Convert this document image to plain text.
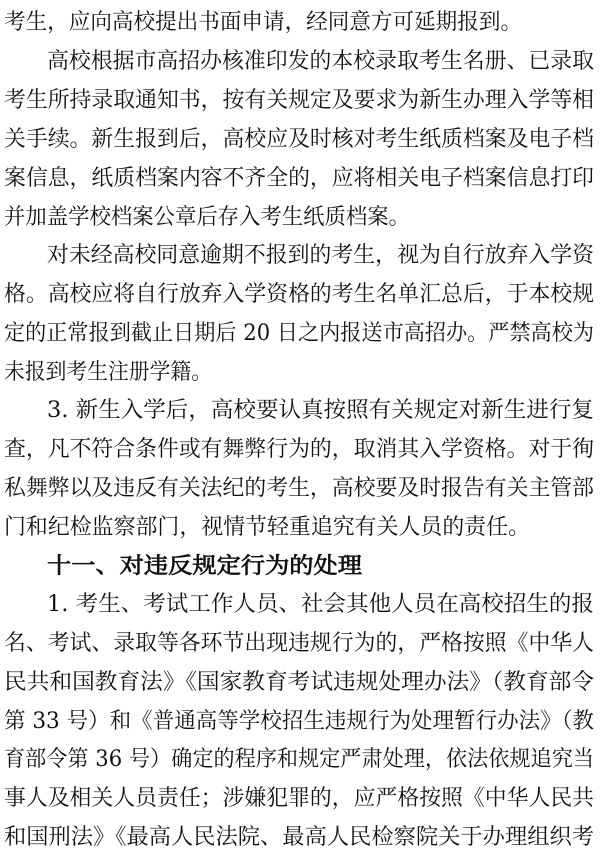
考生，应向高校提出书面申请，经同意方可延期报到。
高校根据市高招办核准印发的本校录取考生名册、已录取
考生所持录取通知书，按有关规定及要求为新生办理入学等相
关手续。新生报到后，高校应及时核对考生纸质档案及电子档
案信息，纸质档案内容不齐全的，应将相关电子档案信息打印
并加盖学校档案公章后存入考生纸质档案。
对未经高校同意逾期不报到的考生，视为自行放弃入学资
格。高校应将自行放弃入学资格的考生名单汇总后，于本校规
定的正常报到截止日期后 20 日之内报送市高招办。严禁高校为
未报到考生注册学籍。
3. 新生入学后，高校要认真按照有关规定对新生进行复
查，凡不符合条件或有舞弊行为的，取消其入学资格。对于徇
私舞弊以及违反有关法纪的考生，高校要及时报告有关主管部
门和纪检监察部门，视情节轻重追究有关人员的责任。
十一、对违反规定行为的处理
1. 考生、考试工作人员、社会其他人员在高校招生的报
名、考试、录取等各环节出现违规行为的，严格按照《中华人
民共和国教育法》《国家教育考试违规处理办法》（教育部令
第 33 号）和《普通高等学校招生违规行为处理暂行办法》（教
育部令第 36 号）确定的程序和规定严肃处理，依法依规追究当
事人及相关人员责任；涉嫌犯罪的，应严格按照《中华人民共
和国刑法》《最高人民法院、最高人民检察院关于办理组织考
